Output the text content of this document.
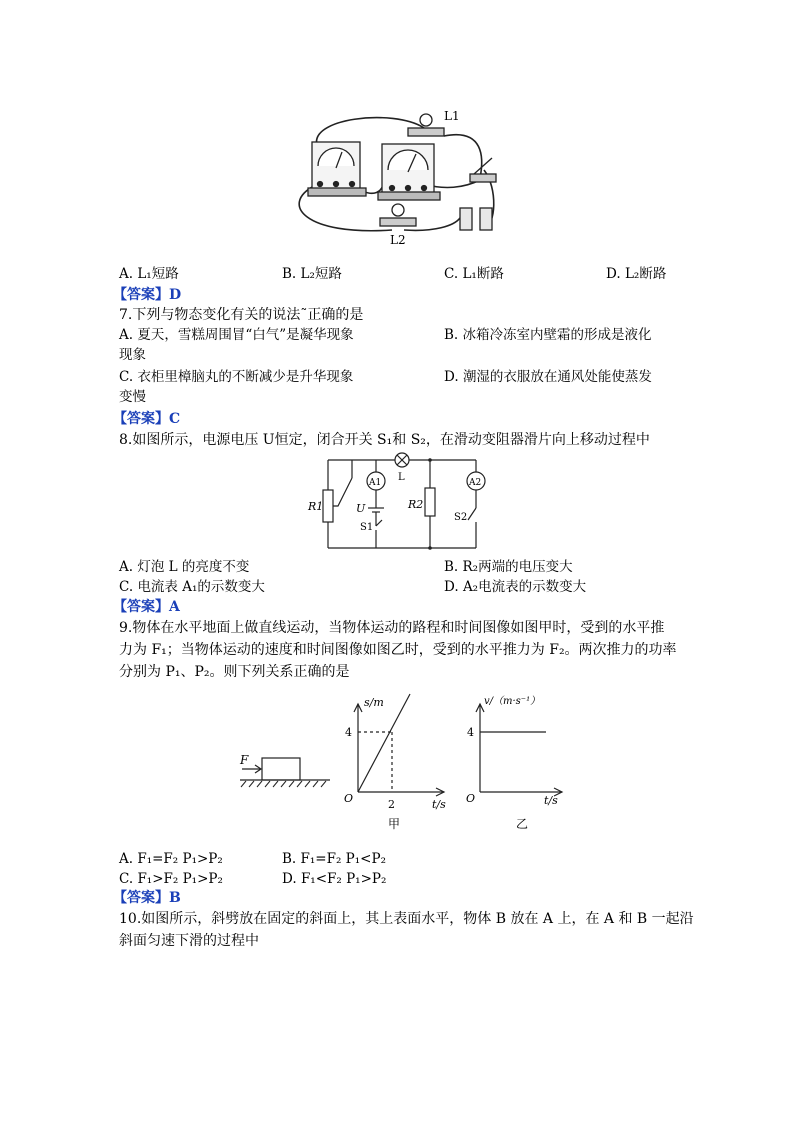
L1
L2
A. L₁短路	B. L₂短路	C. L₁断路	D. L₂断路
【答案】D
7.下列与物态变化有关的说法˜正确的是
A. 夏天，雪糕周围冒“白气”是凝华现象	B. 冰箱冷冻室内壁霜的形成是液化
现象
C. 衣柜里樟脑丸的不断减少是升华现象	D. 潮湿的衣服放在通风处能使蒸发
变慢
【答案】C
8.如图所示，电源电压 U恒定，闭合开关 S₁和 S₂，在滑动变阻器滑片向上移动过程中
R1	U
S1
A1 L
R2
A2
S2
A. 灯泡 L 的亮度不变	B. R₂两端的电压变大
C. 电流表 A₁的示数变大	D. A₂电流表的示数变大
【答案】A
9.物体在水平地面上做直线运动，当物体运动的路程和时间图像如图甲时，受到的水平推
力为 F₁；当物体运动的速度和时间图像如图乙时，受到的水平推力为 F₂。两次推力的功率
分别为 P₁、P₂。则下列关系正确的是
F
s/m
4
2	t/s
O
甲
v/（m·s⁻¹）
4
t/s
O
乙
A. F₁=F₂ P₁>P₂	B. F₁=F₂ P₁<P₂
C. F₁>F₂ P₁>P₂	D. F₁<F₂ P₁>P₂
【答案】B
10.如图所示，斜劈放在固定的斜面上，其上表面水平，物体 B 放在 A 上，在 A 和 B 一起沿
斜面匀速下滑的过程中
